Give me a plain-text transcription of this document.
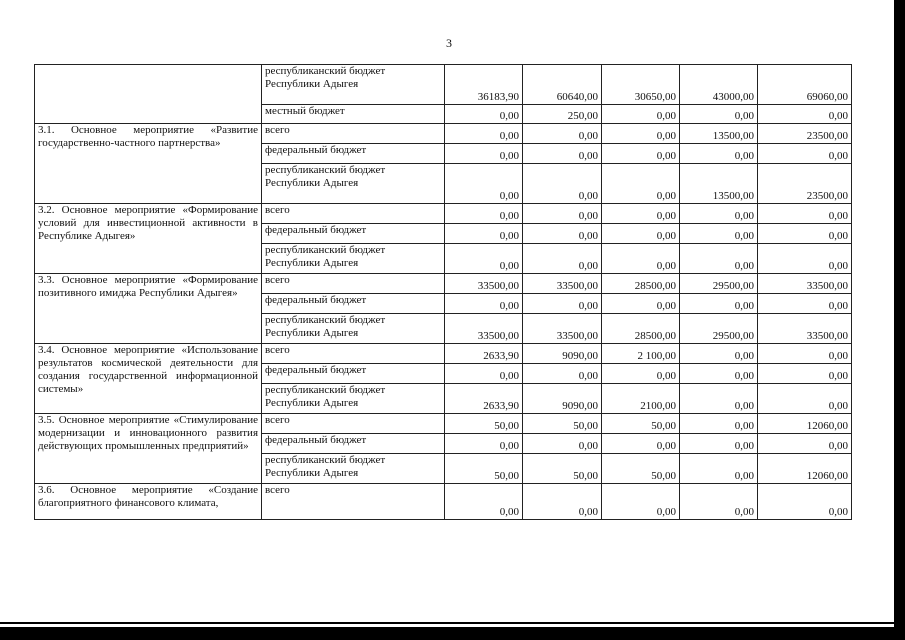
3
	республиканский бюджет Республики Адыгея	36183,90	60640,00	30650,00	43000,00	69060,00
	местный бюджет	0,00	250,00	0,00	0,00	0,00
3.1. Основное мероприятие «Развитие государственно-частного партнерства»	всего	0,00	0,00	0,00	13500,00	23500,00
	федеральный бюджет	0,00	0,00	0,00	0,00	0,00
	республиканский бюджет Республики Адыгея	0,00	0,00	0,00	13500,00	23500,00
3.2. Основное мероприятие «Формирование условий для инвестиционной активности в Республике Адыгея»	всего	0,00	0,00	0,00	0,00	0,00
	федеральный бюджет	0,00	0,00	0,00	0,00	0,00
	республиканский бюджет Республики Адыгея	0,00	0,00	0,00	0,00	0,00
3.3. Основное мероприятие «Формирование позитивного имиджа Республики Адыгея»	всего	33500,00	33500,00	28500,00	29500,00	33500,00
	федеральный бюджет	0,00	0,00	0,00	0,00	0,00
	республиканский бюджет Республики Адыгея	33500,00	33500,00	28500,00	29500,00	33500,00
3.4. Основное мероприятие «Использование результатов космической деятельности для создания государственной информационной системы»	всего	2633,90	9090,00	2 100,00	0,00	0,00
	федеральный бюджет	0,00	0,00	0,00	0,00	0,00
	республиканский бюджет Республики Адыгея	2633,90	9090,00	2100,00	0,00	0,00
3.5. Основное мероприятие «Стимулирование модернизации и инновационного развития действующих промышленных предприятий»	всего	50,00	50,00	50,00	0,00	12060,00
	федеральный бюджет	0,00	0,00	0,00	0,00	0,00
	республиканский бюджет Республики Адыгея	50,00	50,00	50,00	0,00	12060,00
3.6. Основное мероприятие «Создание благоприятного финансового климата,	всего	0,00	0,00	0,00	0,00	0,00
